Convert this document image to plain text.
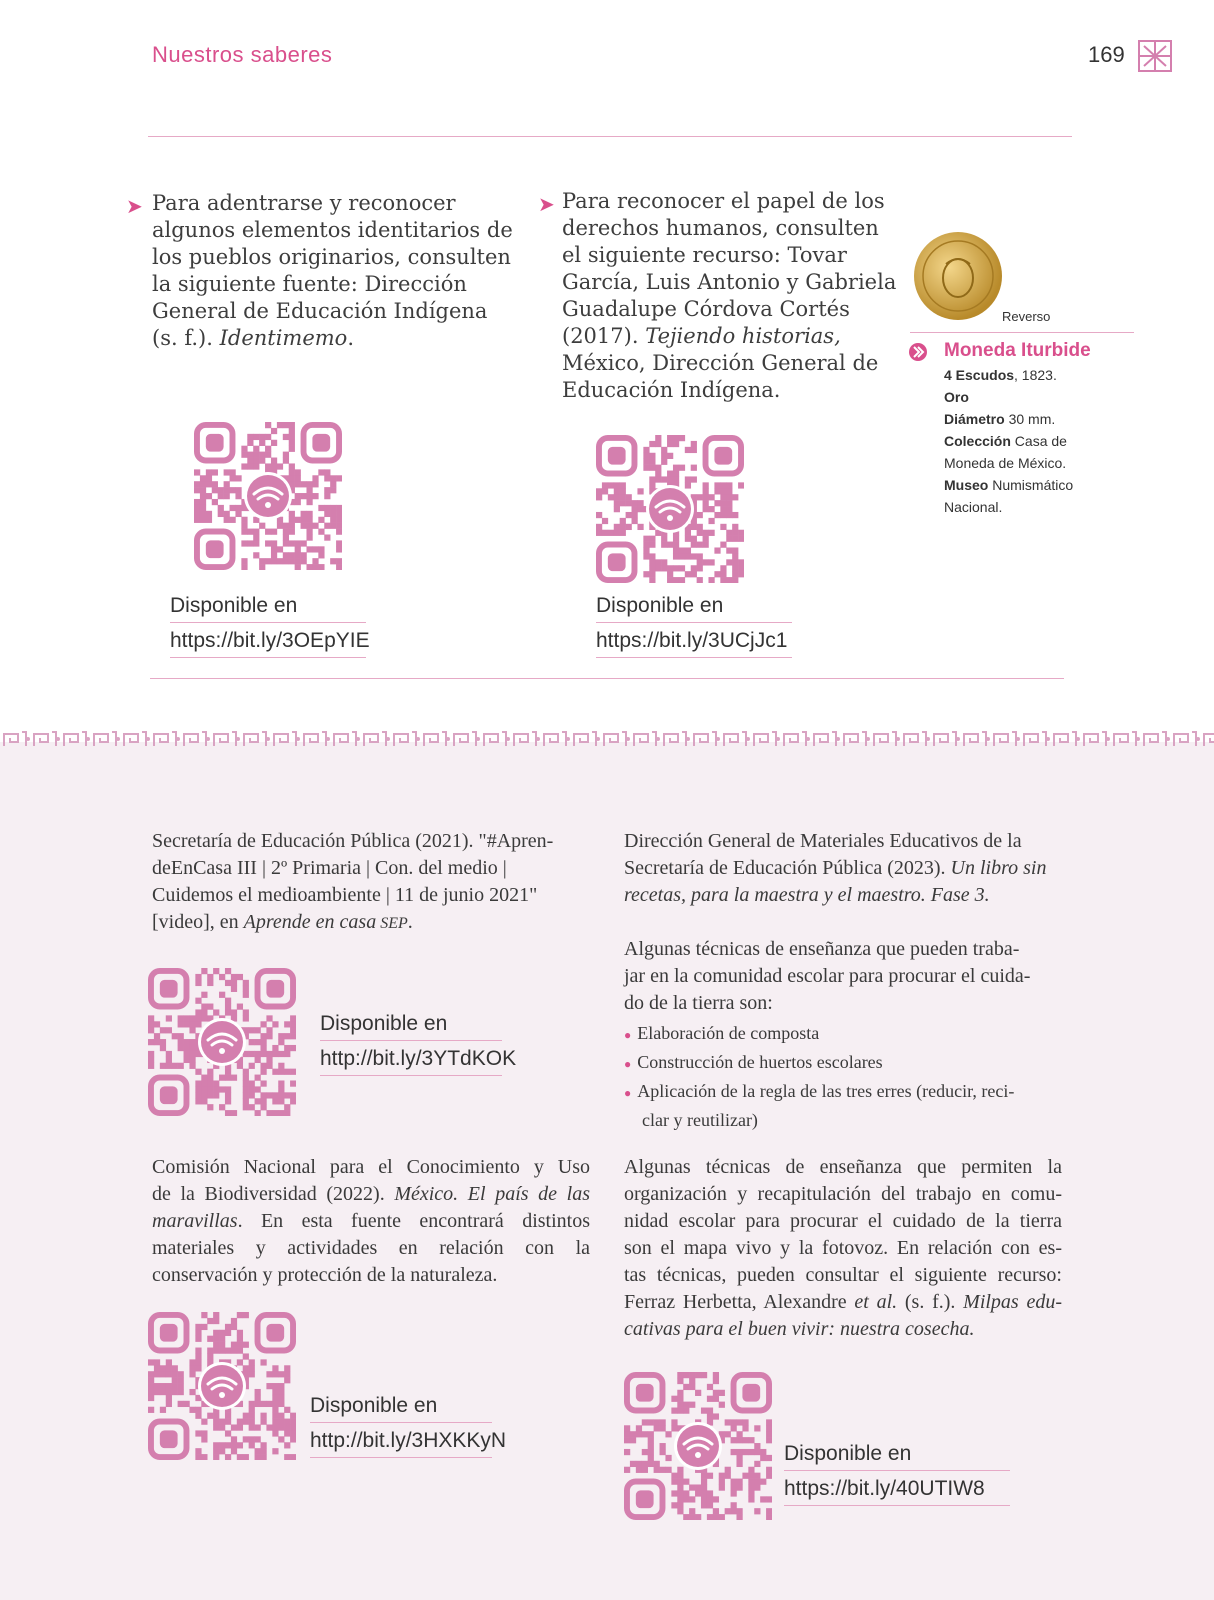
Nuestros saberes	169
➤ Para adentrarse y reconocer
algunos elementos identitarios de
los pueblos originarios, consulten
la siguiente fuente: Dirección
General de Educación Indígena
(s. f.). Identimemo.
Disponible en
https://bit.ly/3OEpYIE
➤ Para reconocer el papel de los
derechos humanos, consulten
el siguiente recurso: Tovar
García, Luis Antonio y Gabriela
Guadalupe Córdova Cortés
(2017). Tejiendo historias,
México, Dirección General de
Educación Indígena.
Disponible en
https://bit.ly/3UCjJc1
Reverso
Moneda Iturbide
4 Escudos, 1823.
Oro
Diámetro 30 mm.
Colección Casa de
Moneda de México.
Museo Numismático
Nacional.
Secretaría de Educación Pública (2021). "#Apren-
deEnCasa III | 2º Primaria | Con. del medio |
Cuidemos el medioambiente | 11 de junio 2021"
[video], en Aprende en casa SEP.
Disponible en
http://bit.ly/3YTdKOK
Comisión Nacional para el Conocimiento y Uso
de la Biodiversidad (2022). México. El país de las
maravillas. En esta fuente encontrará distintos
materiales y actividades en relación con la
conservación y protección de la naturaleza.
Disponible en
http://bit.ly/3HXKKyN
Dirección General de Materiales Educativos de la
Secretaría de Educación Pública (2023). Un libro sin
recetas, para la maestra y el maestro. Fase 3.
Algunas técnicas de enseñanza que pueden traba-
jar en la comunidad escolar para procurar el cuida-
do de la tierra son:
● Elaboración de composta
● Construcción de huertos escolares
● Aplicación de la regla de las tres erres (reducir, reci-
clar y reutilizar)
Algunas técnicas de enseñanza que permiten la
organización y recapitulación del trabajo en comu-
nidad escolar para procurar el cuidado de la tierra
son el mapa vivo y la fotovoz. En relación con es-
tas técnicas, pueden consultar el siguiente recurso:
Ferraz Herbetta, Alexandre et al. (s. f.). Milpas edu-
cativas para el buen vivir: nuestra cosecha.
Disponible en
https://bit.ly/40UTIW8
